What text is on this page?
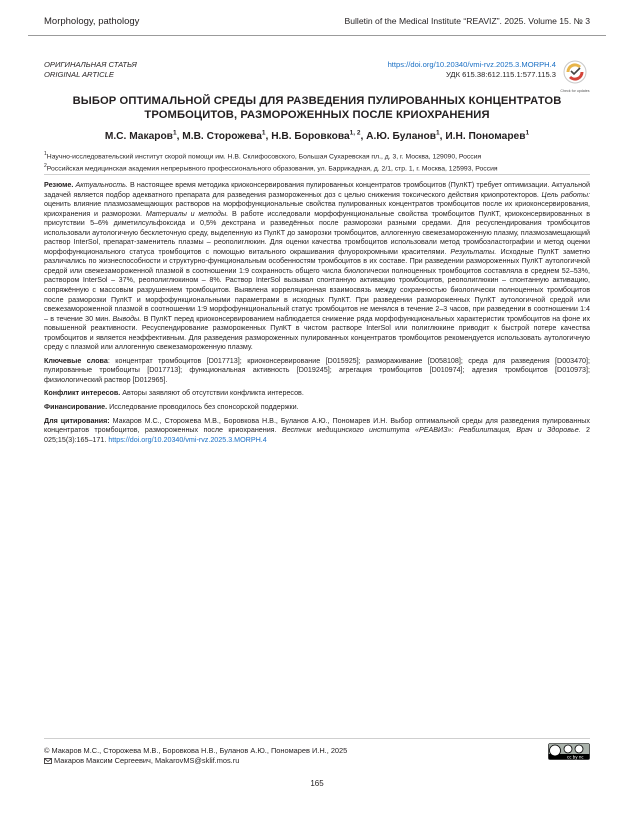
Morphology, pathology	Bulletin of the Medical Institute “REAVIZ”. 2025. Volume 15. № 3
ОРИГИНАЛЬНАЯ СТАТЬЯ
ORIGINAL ARTICLE
https://doi.org/10.20340/vmi-rvz.2025.3.MORPH.4
УДК 615.38:612.115.1:577.115.3
Check for updates
ВЫБОР ОПТИМАЛЬНОЙ СРЕДЫ ДЛЯ РАЗВЕДЕНИЯ ПУЛИРОВАННЫХ КОНЦЕНТРАТОВ ТРОМБОЦИТОВ, РАЗМОРОЖЕННЫХ ПОСЛЕ КРИОХРАНЕНИЯ
М.С. Макаров$^1$, М.В. Сторожева$^1$, Н.В. Боровкова$^{1, 2}$, А.Ю. Буланов$^1$, И.Н. Пономарев$^1$
$^1$Научно-исследовательский институт скорой помощи им. Н.В. Склифосовского, Большая Сухаревская пл., д. 3, г. Москва, 129090, Россия
$^2$Российская медицинская академия непрерывного профессионального образования, ул. Баррикадная, д. 2/1, стр. 1, г. Москва, 125993, Россия

Резюме. Актуальность. В настоящее время методика криоконсервирования пулированных концентратов тромбоцитов (ПулКТ) требует оптимизации. Актуальной задачей является подбор адекватного препарата для разведения размороженных доз с целью снижения токсического действия криопротекторов. Цель работы: оценить влияние плазмозамещающих растворов на морфофункциональные свойства пулированных концентратов тромбоцитов после их криоконсервирования, криохранения и разморозки. Материалы и методы. В работе исследовали морфофункциональные свойства тромбоцитов ПулКТ, криоконсервированных в присутствии 5–6% диметилсульфоксида и 0,5% декстрана и разведённых после разморозки разными средами. Для ресуспендирования тромбоцитов использовали аутологичную бесклеточную среду, выделенную из ПулКТ до заморозки тромбоцитов, аллогенную свежезамороженную плазму, плазмозамещающий раствор InterSol, препарат-заменитель плазмы – реополиглюкин. Для оценки качества тромбоцитов использовали метод тромбоэластографии и метод оценки морфофункционального статуса тромбоцитов с помощью витального окрашивания флуорохромными красителями. Результаты. Исходные ПулКТ заметно различались по жизнеспособности и структурно-функциональным особенностям тромбоцитов в их составе. При разведении размороженных ПулКТ аутологичной средой или свежезамороженной плазмой в соотношении 1:9 сохранность общего числа биологически полноценных тромбоцитов составляла в среднем 52–53%, раствором InterSol – 37%, реополиглюкином – 8%. Раствор InterSol вызывал спонтанную активацию тромбоцитов, реополиглюкин – спонтанную активацию, сопряжённую с массовым разрушением тромбоцитов. Выявлена корреляционная взаимосвязь между сохранностью биологически полноценных тромбоцитов после разморозки ПулКТ и морфофункциональными параметрами в исходных ПулКТ. При разведении размороженных ПулКТ аутологичной средой или свежезамороженной плазмой в соотношении 1:9 морфофункциональный статус тромбоцитов не менялся в течение 2–3 часов, при разведении в соотношении 1:4 – в течение 30 мин. Выводы. В ПулКТ перед криоконсервированием наблюдается снижение ряда морфофункциональных характеристик тромбоцитов на фоне их повышенной реактивности. Ресуспендирование размороженных ПулКТ в чистом растворе InterSol или полиглюкине приводит к быстрой потере качества тромбоцитов и является неэффективным. Для разведения размороженных пулированных концентратов тромбоцитов рекомендуется использовать аутологичную среду с плазмой или аллогенную свежезамороженную плазму.

Ключевые слова: концентрат тромбоцитов [D017713]; криоконсервирование [D015925]; размораживание [D058108]; среда для разведения [D003470]; пулированные тромбоциты [D017713]; функциональная активность [D019245]; агрегация тромбоцитов [D010974]; адгезия тромбоцитов [D010973]; физиологический раствор [D012965].

Конфликт интересов. Авторы заявляют об отсутствии конфликта интересов.

Финансирование. Исследование проводилось без спонсорской поддержки.

Для цитирования: Макаров М.С., Сторожева М.В., Боровкова Н.В., Буланов А.Ю., Пономарев И.Н. Выбор оптимальной среды для разведения пулированных концентратов тромбоцитов, размороженных после криохранения. Вестник медицинского института «РЕАВИЗ»: Реабилитация, Врач и Здоровье. 2 025;15(3):165–171. https://doi.org/10.20340/vmi-rvz.2025.3.MORPH.4

© Макаров М.С., Сторожева М.В., Боровкова Н.В., Буланов А.Ю., Пономарев И.Н., 2025
Макаров Максим Сергеевич, MakarovMS@sklif.mos.ru	cc by nc
165
